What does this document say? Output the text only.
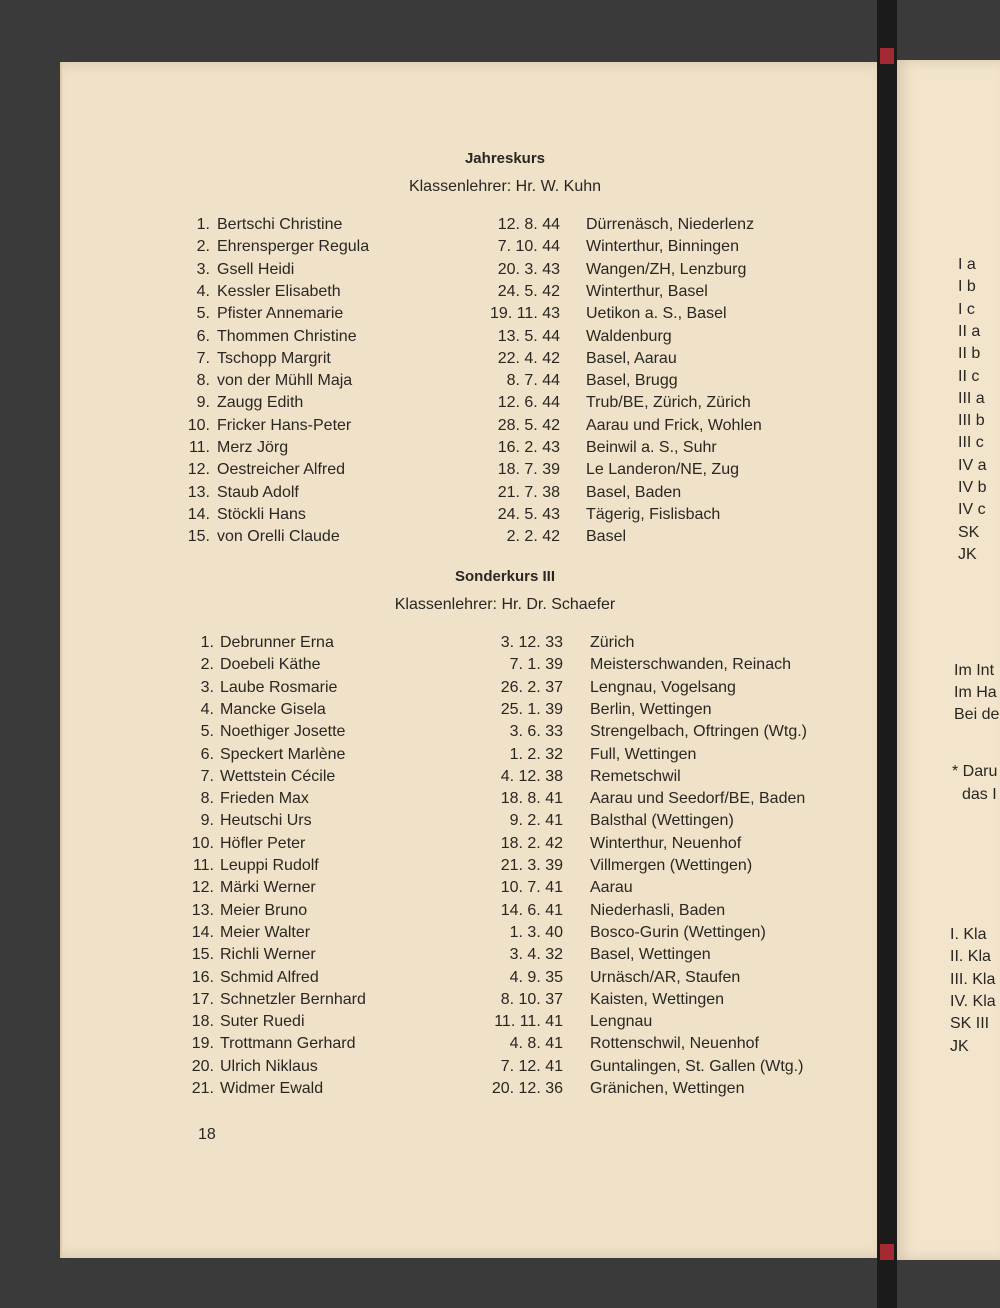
Jahreskurs
Klassenlehrer: Hr. W. Kuhn
1. Bertschi Christine	12. 8. 44 Dürrenäsch, Niederlenz
2. Ehrensperger Regula	7. 10. 44 Winterthur, Binningen
3. Gsell Heidi	20. 3. 43 Wangen/ZH, Lenzburg
4. Kessler Elisabeth	24. 5. 42 Winterthur, Basel
5. Pfister Annemarie	19. 11. 43 Uetikon a. S., Basel
6. Thommen Christine	13. 5. 44 Waldenburg
7. Tschopp Margrit	22. 4. 42 Basel, Aarau
8. von der Mühll Maja	8. 7. 44 Basel, Brugg
9. Zaugg Edith	12. 6. 44 Trub/BE, Zürich, Zürich
10. Fricker Hans-Peter	28. 5. 42 Aarau und Frick, Wohlen
11. Merz Jörg	16. 2. 43 Beinwil a. S., Suhr
12. Oestreicher Alfred	18. 7. 39 Le Landeron/NE, Zug
13. Staub Adolf	21. 7. 38 Basel, Baden
14. Stöckli Hans	24. 5. 43 Tägerig, Fislisbach
15. von Orelli Claude	2. 2. 42 Basel
Sonderkurs III
Klassenlehrer: Hr. Dr. Schaefer
1. Debrunner Erna	3. 12. 33 Zürich
2. Doebeli Käthe	7. 1. 39 Meisterschwanden, Reinach
3. Laube Rosmarie	26. 2. 37 Lengnau, Vogelsang
4. Mancke Gisela	25. 1. 39 Berlin, Wettingen
5. Noethiger Josette	3. 6. 33 Strengelbach, Oftringen (Wtg.)
6. Speckert Marlène	1. 2. 32 Full, Wettingen
7. Wettstein Cécile	4. 12. 38 Remetschwil
8. Frieden Max	18. 8. 41 Aarau und Seedorf/BE, Baden
9. Heutschi Urs	9. 2. 41 Balsthal (Wettingen)
10. Höfler Peter	18. 2. 42 Winterthur, Neuenhof
11. Leuppi Rudolf	21. 3. 39 Villmergen (Wettingen)
12. Märki Werner	10. 7. 41 Aarau
13. Meier Bruno	14. 6. 41 Niederhasli, Baden
14. Meier Walter	1. 3. 40 Bosco-Gurin (Wettingen)
15. Richli Werner	3. 4. 32 Basel, Wettingen
16. Schmid Alfred	4. 9. 35 Urnäsch/AR, Staufen
17. Schnetzler Bernhard	8. 10. 37 Kaisten, Wettingen
18. Suter Ruedi	11. 11. 41 Lengnau
19. Trottmann Gerhard	4. 8. 41 Rottenschwil, Neuenhof
20. Ulrich Niklaus	7. 12. 41 Guntalingen, St. Gallen (Wtg.)
21. Widmer Ewald	20. 12. 36 Gränichen, Wettingen
18
I a
I b
I c
II a
II b
II c
III a
III b
III c
IV a
IV b
IV c
SK
JK
I. Kla
II. Kla
III. Kla
IV. Kla
SK III
JK
Im Int
Im Ha
Bei de
* Daru
das I
